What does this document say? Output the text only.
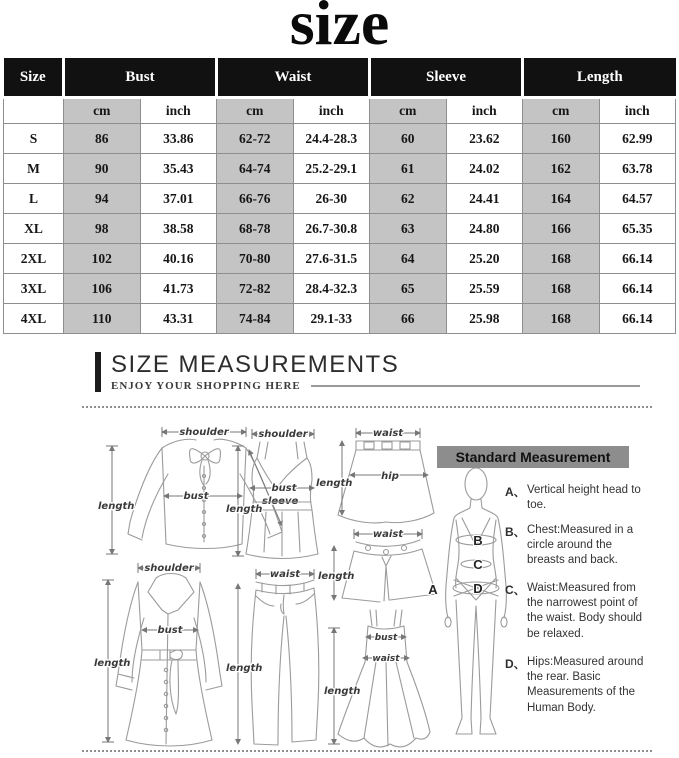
size
Size	Bust		Waist		Sleeve		Length	
	cm	inch	cm	inch	cm	inch	cm	inch
S	86	33.86	62-72	24.4-28.3	60	23.62	160	62.99
M	90	35.43	64-74	25.2-29.1	61	24.02	162	63.78
L	94	37.01	66-76	26-30	62	24.41	164	64.57
XL	98	38.58	68-78	26.7-30.8	63	24.80	166	65.35
2XL	102	40.16	70-80	27.6-31.5	64	25.20	168	66.14
3XL	106	41.73	72-82	28.4-32.3	65	25.59	168	66.14
4XL	110	43.31	74-84	29.1-33	66	25.98	168	66.14
SIZE MEASUREMENTS
ENJOY YOUR SHOPPING HERE
shoulder
bust
length	sleeve
shoulder
bust
length
waist
hip
length
waist
length
shoulder
bust
length
waist
length
bust
waist
length
Standard Measurement
B
C
D
A
A、 Vertical height head to toe.
B、 Chest:Measured in a circle around the breasts and back.
C、 Waist:Measured from the narrowest point of the waist. Body should be relaxed.
D、 Hips:Measured around the rear. Basic Measurements of the Human Body.
